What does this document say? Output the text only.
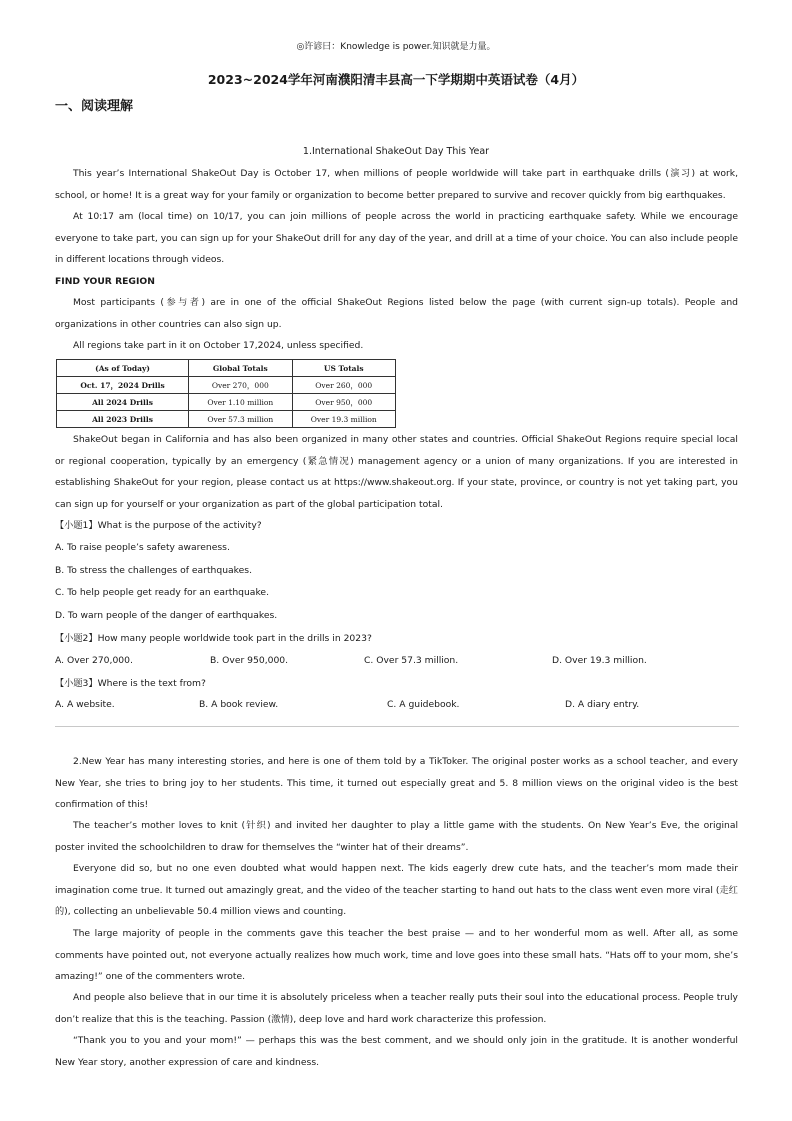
◎许谚曰：Knowledge is power.知识就是力量。
2023~2024学年河南濮阳清丰县高一下学期期中英语试卷（4月）
一、阅读理解
1.International ShakeOut Day This Year

This year’s International ShakeOut Day is October 17, when millions of people worldwide will take part in earthquake drills (演习) at work, school, or home! It is a great way for your family or organization to become better prepared to survive and recover quickly from big earthquakes.

At 10:17 am (local time) on 10/17, you can join millions of people across the world in practicing earthquake safety. While we encourage everyone to take part, you can sign up for your ShakeOut drill for any day of the year, and drill at a time of your choice. You can also include people in different locations through videos.

FIND YOUR REGION

Most participants (参与者) are in one of the official ShakeOut Regions listed below the page (with current sign-up totals). People and organizations in other countries can also sign up.

All regions take part in it on October 17,2024, unless specified.
(As of Today)	Global Totals	US Totals
Oct. 17，2024 Drills	Over 270，000	Over 260，000
All 2024 Drills	Over 1.10 million	Over 950，000
All 2023 Drills	Over 57.3 million	Over 19.3 million

ShakeOut began in California and has also been organized in many other states and countries. Official ShakeOut Regions require special local or regional cooperation, typically by an emergency (紧急情况) management agency or a union of many organizations. If you are interested in establishing ShakeOut for your region, please contact us at https://www.shakeout.org. If your state, province, or country is not yet taking part, you can sign up for yourself or your organization as part of the global participation total.

【小题1】What is the purpose of the activity?
A. To raise people’s safety awareness.
B. To stress the challenges of earthquakes.
C. To help people get ready for an earthquake.
D. To warn people of the danger of earthquakes.
【小题2】How many people worldwide took part in the drills in 2023?
A. Over 270,000.	B. Over 950,000.	C. Over 57.3 million.	D. Over 19.3 million.
【小题3】Where is the text from?
A. A website.	B. A book review.	C. A guidebook.	D. A diary entry.

2.New Year has many interesting stories, and here is one of them told by a TikToker. The original poster works as a school teacher, and every New Year, she tries to bring joy to her students. This time, it turned out especially great and 5. 8 million views on the original video is the best confirmation of this!

The teacher’s mother loves to knit (针织) and invited her daughter to play a little game with the students. On New Year’s Eve, the original poster invited the schoolchildren to draw for themselves the “winter hat of their dreams”.

Everyone did so, but no one even doubted what would happen next. The kids eagerly drew cute hats, and the teacher’s mom made their imagination come true. It turned out amazingly great, and the video of the teacher starting to hand out hats to the class went even more viral (走红的), collecting an unbelievable 50.4 million views and counting.

The large majority of people in the comments gave this teacher the best praise — and to her wonderful mom as well. After all, as some comments have pointed out, not everyone actually realizes how much work, time and love goes into these small hats. “Hats off to your mom, she’s amazing!” one of the commenters wrote.

And people also believe that in our time it is absolutely priceless when a teacher really puts their soul into the educational process. People truly don’t realize that this is the teaching. Passion (激情), deep love and hard work characterize this profession.

“Thank you to you and your mom!” — perhaps this was the best comment, and we should only join in the gratitude. It is another wonderful New Year story, another expression of care and kindness.
